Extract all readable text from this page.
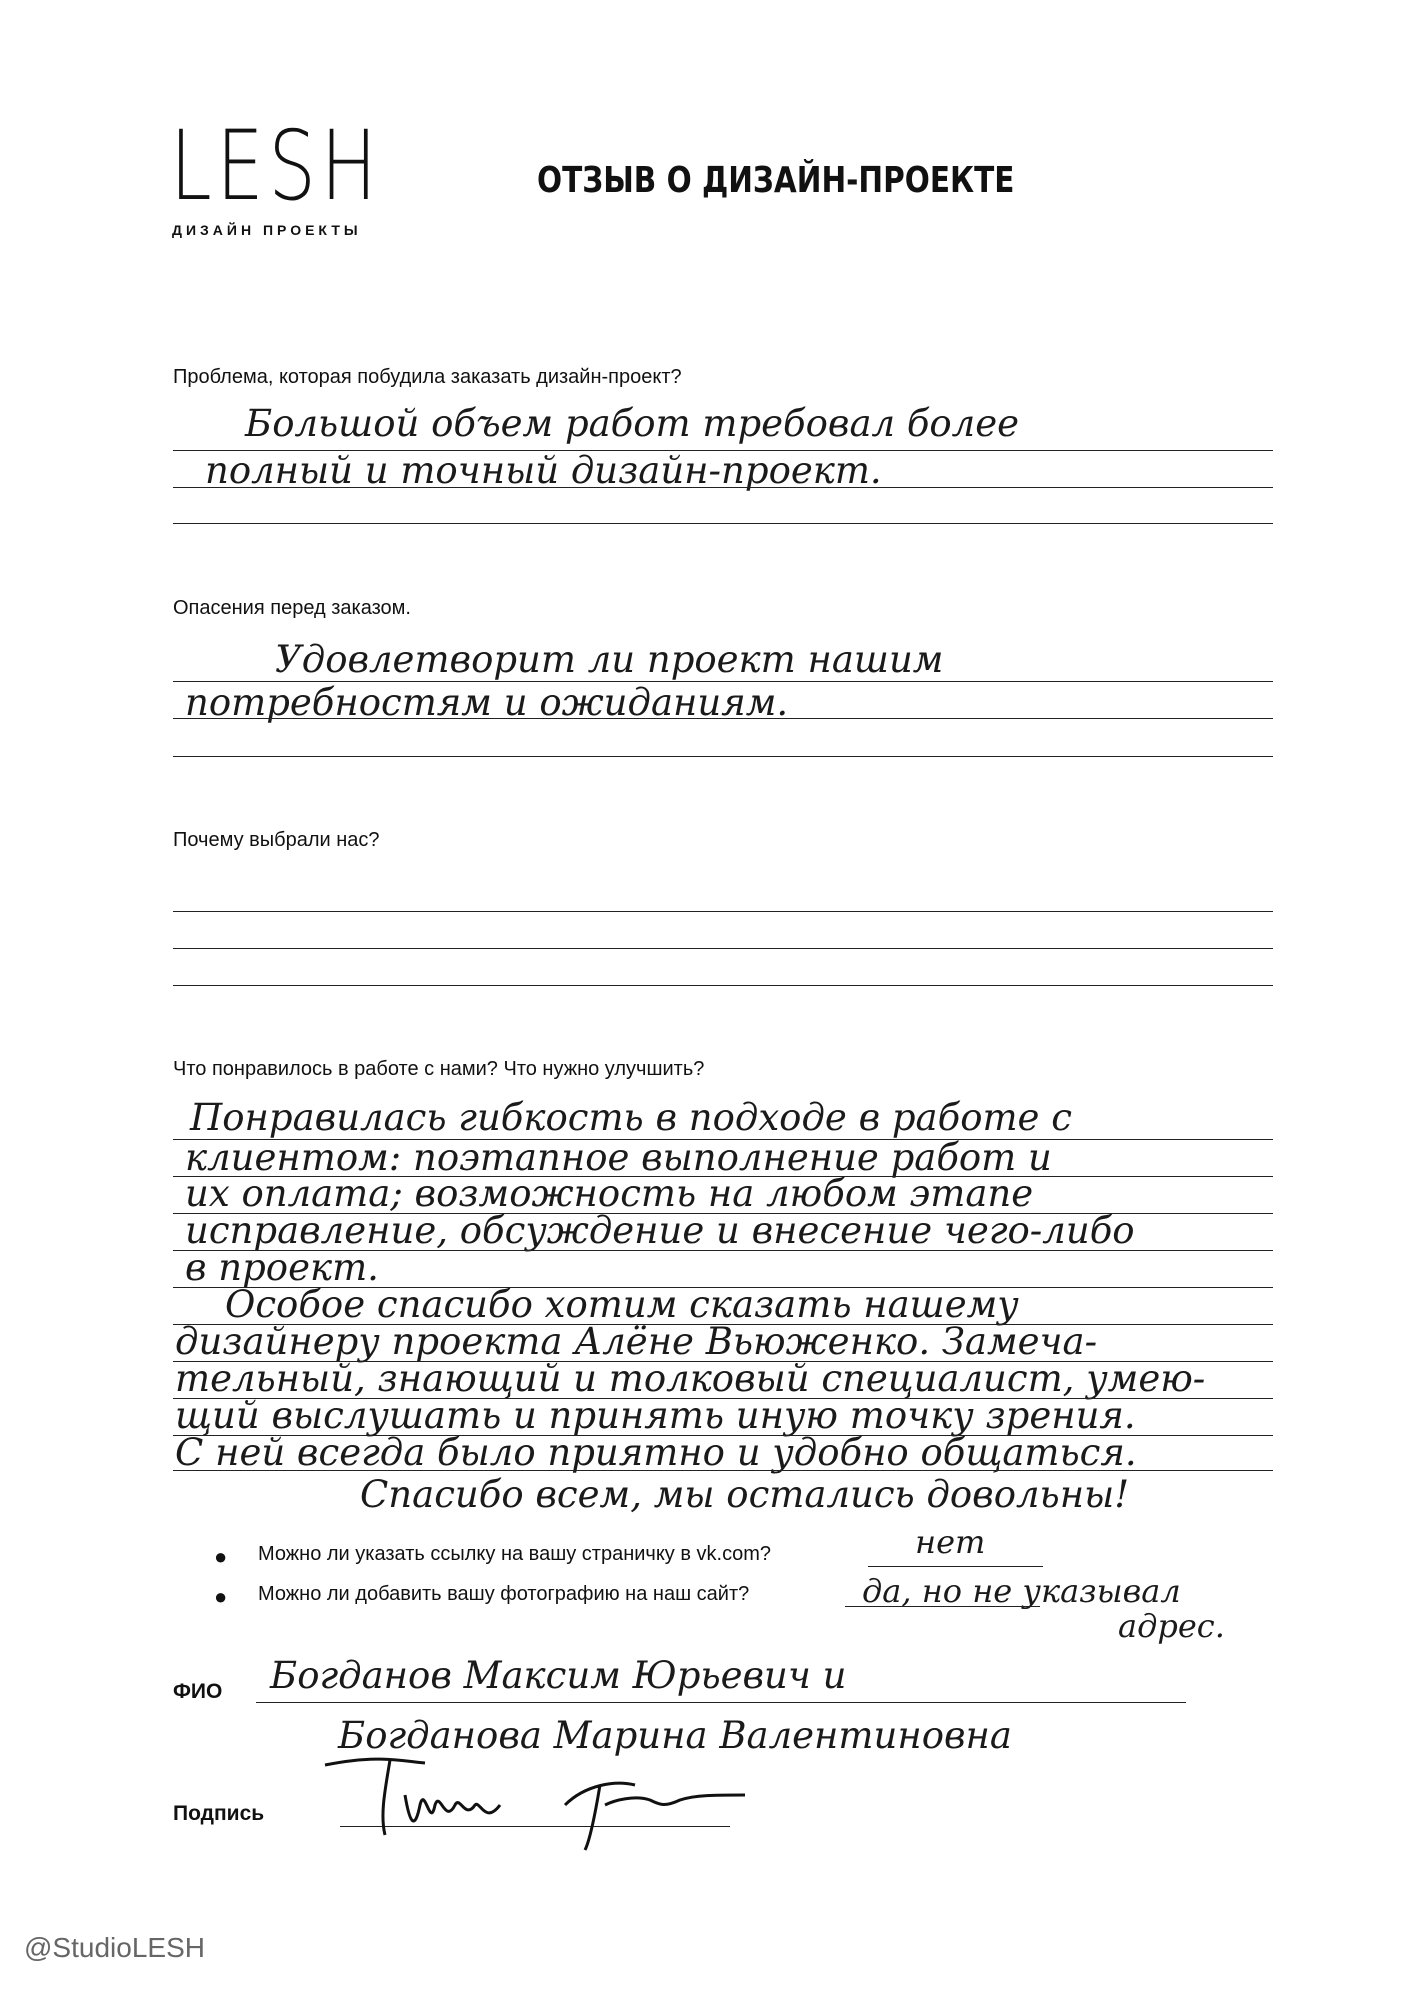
LESH
ДИЗАЙН ПРОЕКТЫ
ОТЗЫВ О ДИЗАЙН-ПРОЕКТЕ
Проблема, которая побудила заказать дизайн-проект?
Большой объем работ требовал более
полный и точный дизайн-проект.
Опасения перед заказом.
Удовлетворит ли проект нашим
потребностям и ожиданиям.
Почему выбрали нас?
Что понравилось в работе с нами? Что нужно улучшить?
Понравилась гибкость в подходе в работе с
клиентом: поэтапное выполнение работ и
их оплата; возможность на любом этапе
исправление, обсуждение и внесение чего-либо
в проект.
Особое спасибо хотим сказать нашему
дизайнеру проекта Алёне Вьюженко. Замеча-
тельный, знающий и толковый специалист, умею-
щий выслушать и принять иную точку зрения.
С ней всегда было приятно и удобно общаться.
Спасибо всем, мы остались довольны!
● Можно ли указать ссылку на вашу страничку в vk.com?	нет
● Можно ли добавить вашу фотографию на наш сайт?	да, но не указывал
адрес.
ФИО Богданов Максим Юрьевич и
Богданова Марина Валентиновна
Подпись
@StudioLESH
